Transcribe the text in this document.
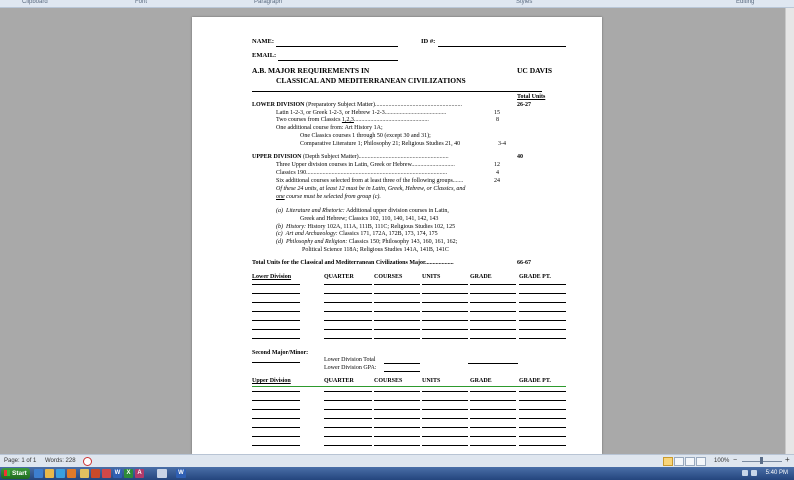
Clipboard	Font	Paragraph	Styles	Editing
NAME:	ID #:
EMAIL:
A.B. MAJOR REQUIREMENTS IN
CLASSICAL AND MEDITERRANEAN CIVILIZATIONS
UC DAVIS
Total Units
LOWER DIVISION (Preparatory Subject Matter)..........................................................	26-27
Latin 1-2-3, or Greek 1-2-3, or Hebrew 1-2-3.........................................	15
Two courses from Classics 1,2,3..................................................	8
One additional course from: Art History 1A;
One Classics courses 1 through 50 (except 30 and 31);
Comparative Literature 1; Philosophy 21; Religious Studies 21, 40	3-4
UPPER DIVISION (Depth Subject Matter)............................................................	40
Three Upper division courses in Latin, Greek or Hebrew.............................	12
Classics 190..............................................................................................	4
Six additional courses selected from at least three of the following groups.......	24
Of these 24 units, at least 12 must be in Latin, Greek, Hebrew, or Classics, and
one course must be selected from group (c).
(a) Literature and Rhetoric: Additional upper division courses in Latin,
Greek and Hebrew; Classics 102, 110, 140, 141, 142, 143
(b) History: History 102A, 111A, 111B, 111C; Religious Studies 102, 125
(c) Art and Archaeology: Classics 171, 172A, 172B, 173, 174, 175
(d) Philosophy and Religion: Classics 150; Philosophy 143, 160, 161, 162;
Political Science 118A; Religious Studies 141A, 141B, 141C
Total Units for the Classical and Mediterranean Civilizations Major...................	66-67
Lower Division	QUARTER	COURSES	UNITS	GRADE	GRADE PT.
Second Major/Minor:
Lower Division Total
Lower Division GPA:
Upper Division	QUARTER	COURSES	UNITS	GRADE	GRADE PT.
Page: 1 of 1 Words: 228	100% −	+
Start	W	X	A	W	5:40 PM
